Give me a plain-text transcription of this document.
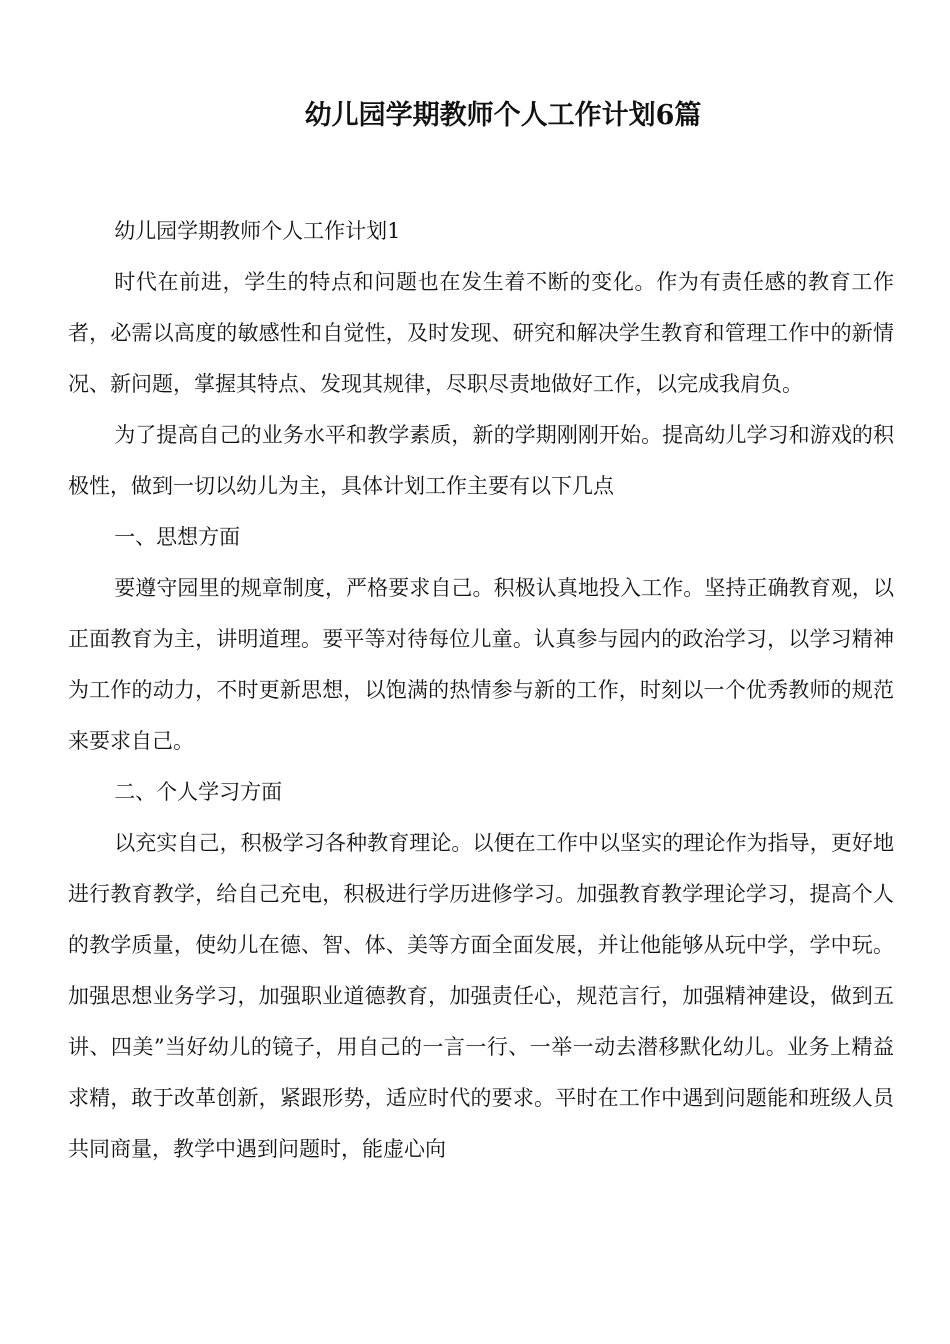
幼儿园学期教师个人工作计划6篇

幼儿园学期教师个人工作计划1

时代在前进，学生的特点和问题也在发生着不断的变化。作为有责任感的教育工作者，必需以高度的敏感性和自觉性，及时发现、研究和解决学生教育和管理工作中的新情况、新问题，掌握其特点、发现其规律，尽职尽责地做好工作，以完成我肩负。

为了提高自己的业务水平和教学素质，新的学期刚刚开始。提高幼儿学习和游戏的积极性，做到一切以幼儿为主，具体计划工作主要有以下几点

一、思想方面

要遵守园里的规章制度，严格要求自己。积极认真地投入工作。坚持正确教育观，以正面教育为主，讲明道理。要平等对待每位儿童。认真参与园内的政治学习，以学习精神为工作的动力，不时更新思想，以饱满的热情参与新的工作，时刻以一个优秀教师的规范来要求自己。

二、个人学习方面

以充实自己，积极学习各种教育理论。以便在工作中以坚实的理论作为指导，更好地进行教育教学，给自己充电，积极进行学历进修学习。加强教育教学理论学习，提高个人的教学质量，使幼儿在德、智、体、美等方面全面发展，并让他能够从玩中学，学中玩。加强思想业务学习，加强职业道德教育，加强责任心，规范言行，加强精神建设，做到五讲、四美”当好幼儿的镜子，用自己的一言一行、一举一动去潜移默化幼儿。业务上精益求精，敢于改革创新，紧跟形势，适应时代的要求。平时在工作中遇到问题能和班级人员共同商量，教学中遇到问题时，能虚心向
